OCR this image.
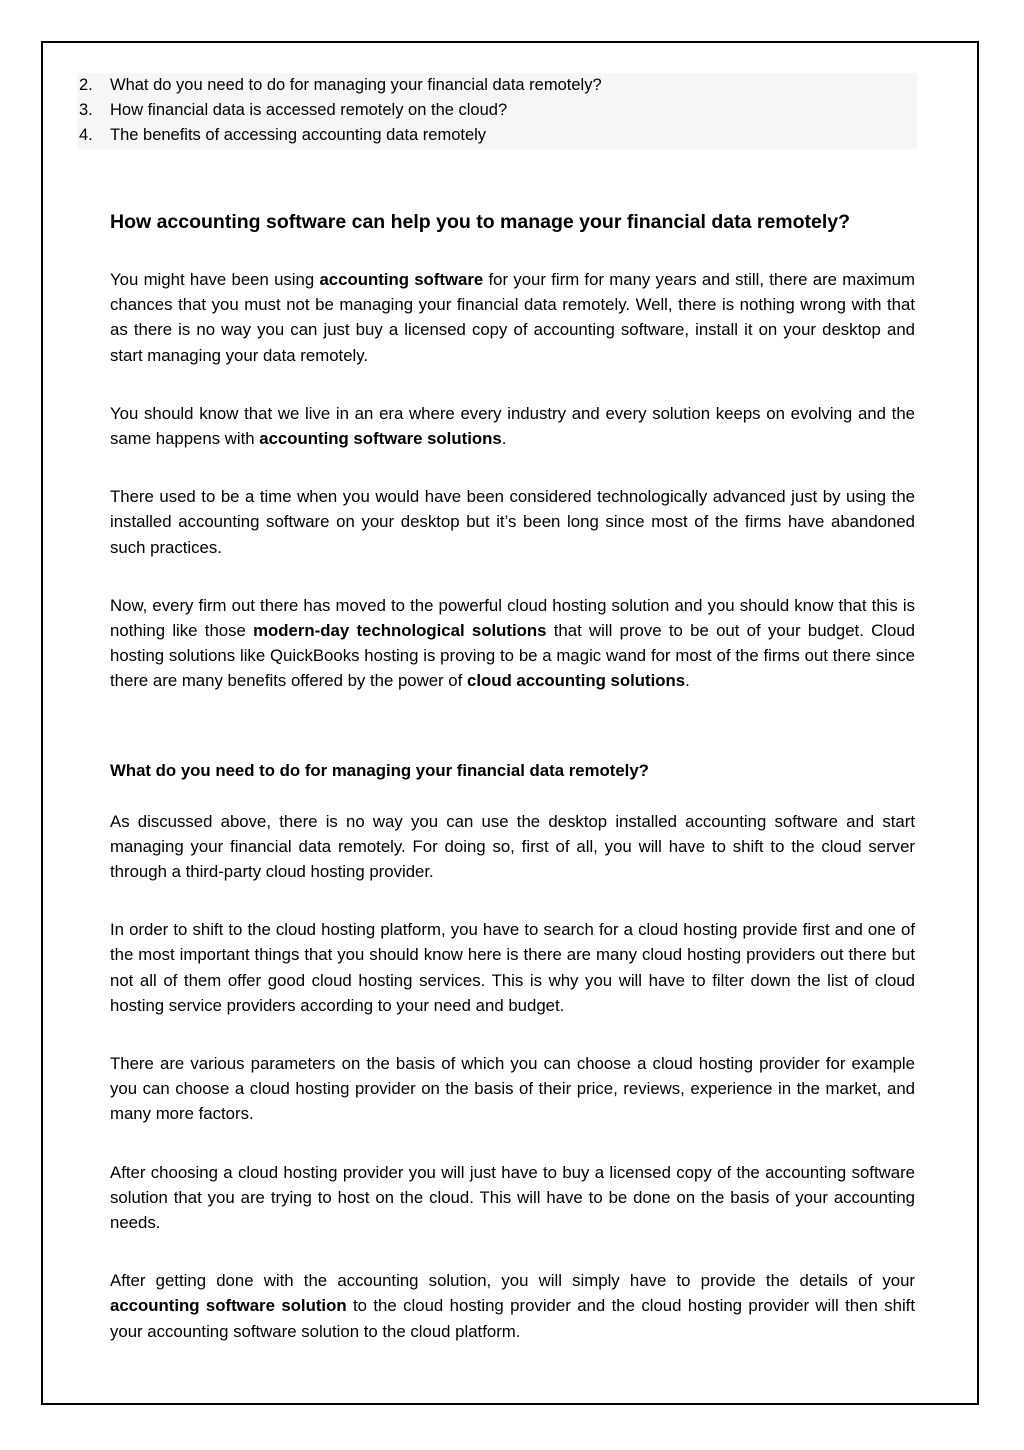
2. What do you need to do for managing your financial data remotely?
3. How financial data is accessed remotely on the cloud?
4. The benefits of accessing accounting data remotely
How accounting software can help you to manage your financial data remotely?

You might have been using accounting software for your firm for many years and still, there are maximum chances that you must not be managing your financial data remotely. Well, there is nothing wrong with that as there is no way you can just buy a licensed copy of accounting software, install it on your desktop and start managing your data remotely.

You should know that we live in an era where every industry and every solution keeps on evolving and the same happens with accounting software solutions.

There used to be a time when you would have been considered technologically advanced just by using the installed accounting software on your desktop but it’s been long since most of the firms have abandoned such practices.

Now, every firm out there has moved to the powerful cloud hosting solution and you should know that this is nothing like those modern-day technological solutions that will prove to be out of your budget. Cloud hosting solutions like QuickBooks hosting is proving to be a magic wand for most of the firms out there since there are many benefits offered by the power of cloud accounting solutions.

What do you need to do for managing your financial data remotely?

As discussed above, there is no way you can use the desktop installed accounting software and start managing your financial data remotely. For doing so, first of all, you will have to shift to the cloud server through a third-party cloud hosting provider.

In order to shift to the cloud hosting platform, you have to search for a cloud hosting provide first and one of the most important things that you should know here is there are many cloud hosting providers out there but not all of them offer good cloud hosting services. This is why you will have to filter down the list of cloud hosting service providers according to your need and budget.

There are various parameters on the basis of which you can choose a cloud hosting provider for example you can choose a cloud hosting provider on the basis of their price, reviews, experience in the market, and many more factors.

After choosing a cloud hosting provider you will just have to buy a licensed copy of the accounting software solution that you are trying to host on the cloud. This will have to be done on the basis of your accounting needs.

After getting done with the accounting solution, you will simply have to provide the details of your accounting software solution to the cloud hosting provider and the cloud hosting provider will then shift your accounting software solution to the cloud platform.
